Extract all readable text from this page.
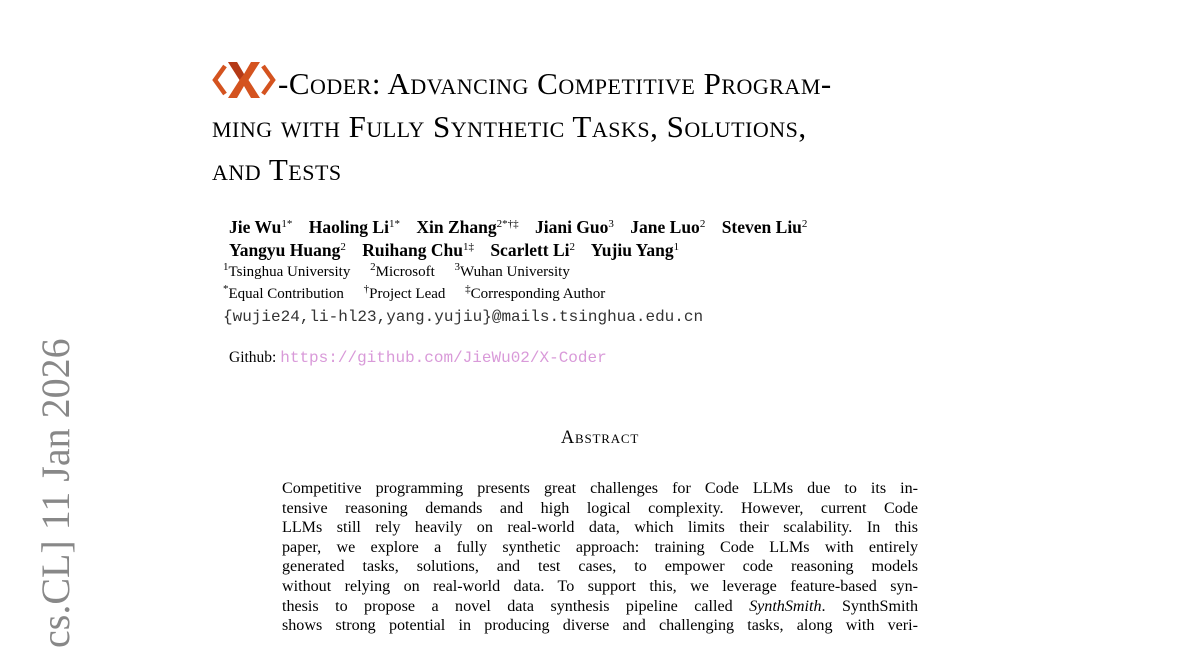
cs.CL] 11 Jan 2026
-Coder: Advancing Competitive Program-
ming with Fully Synthetic Tasks, Solutions,
and Tests
Jie $Wu^{1*}$ Haoling $Li^{1*}$ Xin Zhang$^{2*\dagger\ddagger}$ Jiani Guo$^3$ Jane Luo$^2$ Steven Liu$^2$
Yangyu Huang$^2$ Ruihang Chu$^{1\ddagger}$ Scarlett Li$^2$ Yujiu Yang$^1$
$^1$Tsinghua University $^2$Microsoft $^3$Wuhan University
*Equal Contribution †Project Lead ‡Corresponding Author
{wujie24,li-hl23,yang.yujiu}@mails.tsinghua.edu.cn
Github: https://github.com/JieWu02/X-Coder
Abstract
Competitive programming presents great challenges for Code LLMs due to its in-
tensive reasoning demands and high logical complexity. However, current Code
LLMs still rely heavily on real-world data, which limits their scalability. In this
paper, we explore a fully synthetic approach: training Code LLMs with entirely
generated tasks, solutions, and test cases, to empower code reasoning models
without relying on real-world data. To support this, we leverage feature-based syn-
thesis to propose a novel data synthesis pipeline called SynthSmith. SynthSmith
shows strong potential in producing diverse and challenging tasks, along with veri-
